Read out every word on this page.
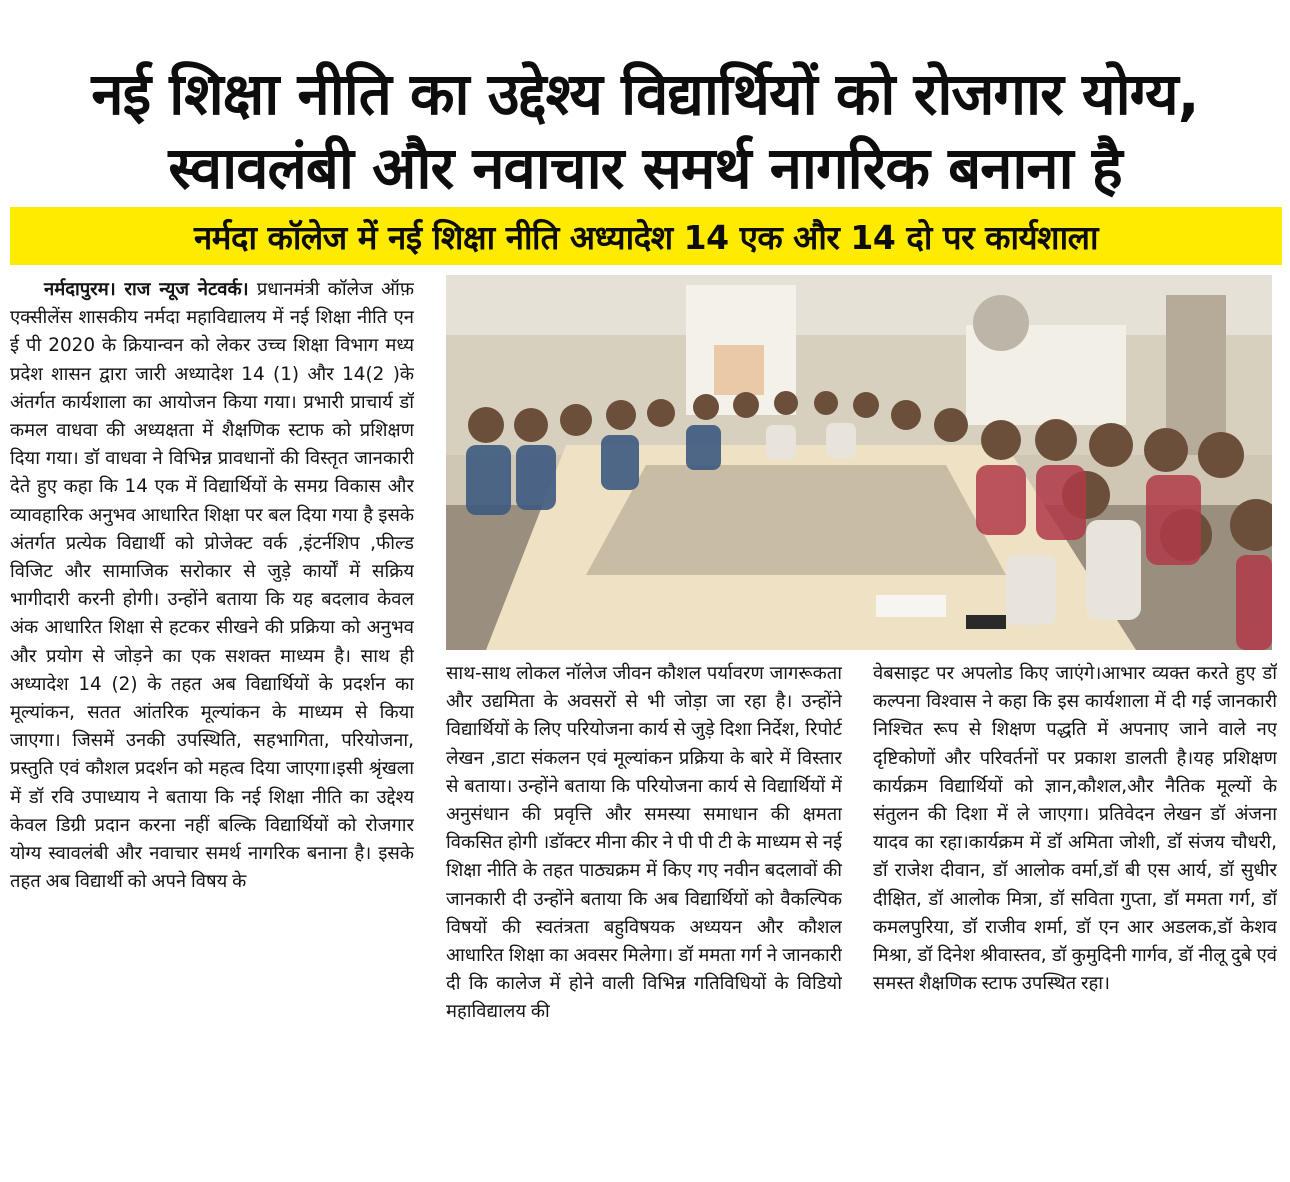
नई शिक्षा नीति का उद्देश्य विद्यार्थियों को रोजगार योग्य,
स्वावलंबी और नवाचार समर्थ नागरिक बनाना है
नर्मदा कॉलेज में नई शिक्षा नीति अध्यादेश 14 एक और 14 दो पर कार्यशाला

नर्मदापुरम। राज न्यूज नेटवर्क। प्रधानमंत्री कॉलेज ऑफ़ एक्सीलेंस शासकीय नर्मदा महाविद्यालय में नई शिक्षा नीति एन ई पी 2020 के क्रियान्वन को लेकर उच्च शिक्षा विभाग मध्य प्रदेश शासन द्वारा जारी अध्यादेश 14 (1) और 14(2 )के अंतर्गत कार्यशाला का आयोजन किया गया। प्रभारी प्राचार्य डॉ कमल वाधवा की अध्यक्षता में शैक्षणिक स्टाफ को प्रशिक्षण दिया गया। डॉ वाधवा ने विभिन्न प्रावधानों की विस्तृत जानकारी देते हुए कहा कि 14 एक में विद्यार्थियों के समग्र विकास और व्यावहारिक अनुभव आधारित शिक्षा पर बल दिया गया है इसके अंतर्गत प्रत्येक विद्यार्थी को प्रोजेक्ट वर्क ,इंटर्नशिप ,फील्ड विजिट और सामाजिक सरोकार से जुड़े कार्यों में सक्रिय भागीदारी करनी होगी। उन्होंने बताया कि यह बदलाव केवल अंक आधारित शिक्षा से हटकर सीखने की प्रक्रिया को अनुभव और प्रयोग से जोड़ने का एक सशक्त माध्यम है। साथ ही अध्यादेश 14 (2) के तहत अब विद्यार्थियों के प्रदर्शन का मूल्यांकन, सतत आंतरिक मूल्यांकन के माध्यम से किया जाएगा। जिसमें उनकी उपस्थिति, सहभागिता, परियोजना, प्रस्तुति एवं कौशल प्रदर्शन को महत्व दिया जाएगा।इसी श्रृंखला में डॉ रवि उपाध्याय ने बताया कि नई शिक्षा नीति का उद्देश्य केवल डिग्री प्रदान करना नहीं बल्कि विद्यार्थियों को रोजगार योग्य स्वावलंबी और नवाचार समर्थ नागरिक बनाना है। इसके तहत अब विद्यार्थी को अपने विषय के

साथ-साथ लोकल नॉलेज जीवन कौशल पर्यावरण जागरूकता और उद्यमिता के अवसरों से भी जोड़ा जा रहा है। उन्होंने विद्यार्थियों के लिए परियोजना कार्य से जुड़े दिशा निर्देश, रिपोर्ट लेखन ,डाटा संकलन एवं मूल्यांकन प्रक्रिया के बारे में विस्तार से बताया। उन्होंने बताया कि परियोजना कार्य से विद्यार्थियों में अनुसंधान की प्रवृत्ति और समस्या समाधान की क्षमता विकसित होगी ।डॉक्टर मीना कीर ने पी पी टी के माध्यम से नई शिक्षा नीति के तहत पाठ्यक्रम में किए गए नवीन बदलावों की जानकारी दी उन्होंने बताया कि अब विद्यार्थियों को वैकल्पिक विषयों की स्वतंत्रता बहुविषयक अध्ययन और कौशल आधारित शिक्षा का अवसर मिलेगा। डॉ ममता गर्ग ने जानकारी दी कि कालेज में होने वाली विभिन्न गतिविधियों के विडियो महाविद्यालय की

वेबसाइट पर अपलोड किए जाएंगे।आभार व्यक्त करते हुए डॉ कल्पना विश्वास ने कहा कि इस कार्यशाला में दी गई जानकारी निश्चित रूप से शिक्षण पद्धति में अपनाए जाने वाले नए दृष्टिकोणों और परिवर्तनों पर प्रकाश डालती है।यह प्रशिक्षण कार्यक्रम विद्यार्थियों को ज्ञान,कौशल,और नैतिक मूल्यों के संतुलन की दिशा में ले जाएगा। प्रतिवेदन लेखन डॉ अंजना यादव का रहा।कार्यक्रम में डॉ अमिता जोशी, डॉ संजय चौधरी, डॉ राजेश दीवान, डॉ आलोक वर्मा,डॉ बी एस आर्य, डॉ सुधीर दीक्षित, डॉ आलोक मित्रा, डॉ सविता गुप्ता, डॉ ममता गर्ग, डॉ कमलपुरिया, डॉ राजीव शर्मा, डॉ एन आर अडलक,डॉ केशव मिश्रा, डॉ दिनेश श्रीवास्तव, डॉ कुमुदिनी गार्गव, डॉ नीलू दुबे एवं समस्त शैक्षणिक स्टाफ उपस्थित रहा।
